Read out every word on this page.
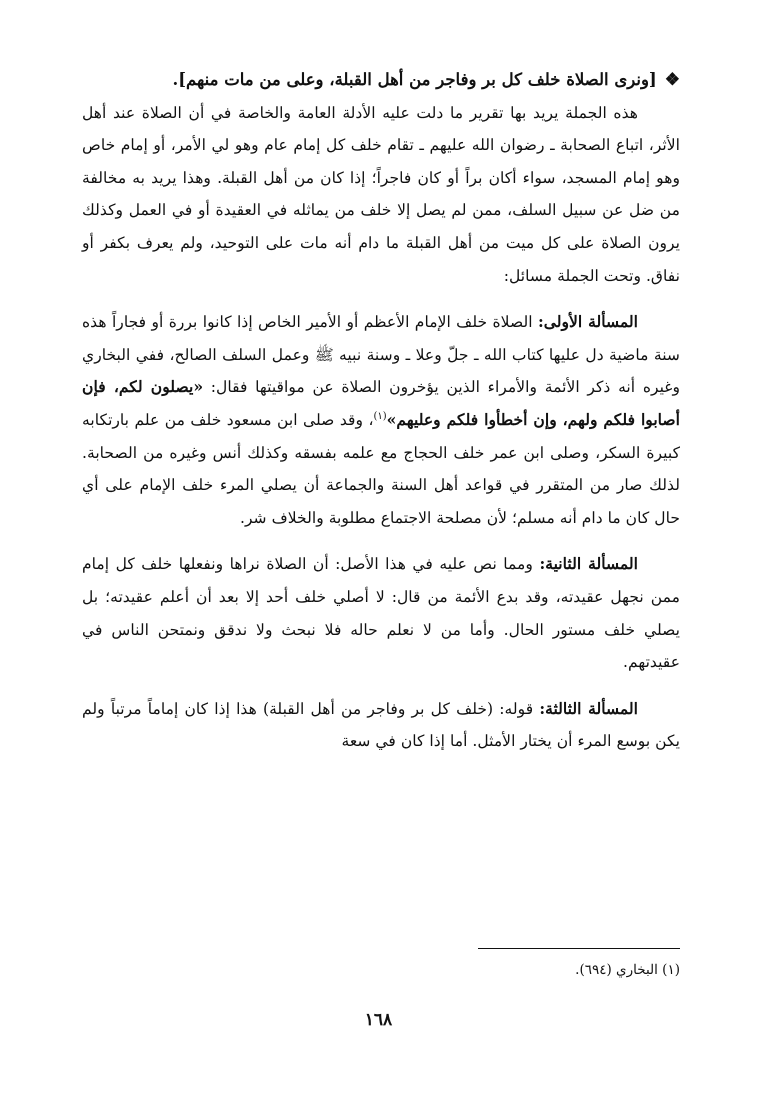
❖[ونرى الصلاة خلف كل بر وفاجر من أهل القبلة، وعلى من مات منهم].

هذه الجملة يريد بها تقرير ما دلت عليه الأدلة العامة والخاصة في أن الصلاة عند أهل الأثر، اتباع الصحابة ـ رضوان الله عليهم ـ تقام خلف كل إمام عام وهو لي الأمر، أو إمام خاص وهو إمام المسجد، سواء أكان براً أو كان فاجراً؛ إذا كان من أهل القبلة. وهذا يريد به مخالفة من ضل عن سبيل السلف، ممن لم يصل إلا خلف من يماثله في العقيدة أو في العمل وكذلك يرون الصلاة على كل ميت من أهل القبلة ما دام أنه مات على التوحيد، ولم يعرف بكفر أو نفاق. وتحت الجملة مسائل:

المسألة الأولى: الصلاة خلف الإمام الأعظم أو الأمير الخاص إذا كانوا بررة أو فجاراً هذه سنة ماضية دل عليها كتاب الله ـ جلّ وعلا ـ وسنة نبيه ﷺ وعمل السلف الصالح، ففي البخاري وغيره أنه ذكر الأئمة والأمراء الذين يؤخرون الصلاة عن مواقيتها فقال: «يصلون لكم، فإن أصابوا فلكم ولهم، وإن أخطأوا فلكم وعليهم»$^{(١)}$، وقد صلى ابن مسعود خلف من علم بارتكابه كبيرة السكر، وصلى ابن عمر خلف الحجاج مع علمه بفسقه وكذلك أنس وغيره من الصحابة. لذلك صار من المتقرر في قواعد أهل السنة والجماعة أن يصلي المرء خلف الإمام على أي حال كان ما دام أنه مسلم؛ لأن مصلحة الاجتماع مطلوبة والخلاف شر.

المسألة الثانية: ومما نص عليه في هذا الأصل: أن الصلاة نراها ونفعلها خلف كل إمام ممن نجهل عقيدته، وقد بدع الأئمة من قال: لا أصلي خلف أحد إلا بعد أن أعلم عقيدته؛ بل يصلي خلف مستور الحال. وأما من لا نعلم حاله فلا نبحث ولا ندقق ونمتحن الناس في عقيدتهم.

المسألة الثالثة: قوله: (خلف كل بر وفاجر من أهل القبلة) هذا إذا كان إماماً مرتباً ولم يكن بوسع المرء أن يختار الأمثل. أما إذا كان في سعة

(١) البخاري (٦٩٤).
١٦٨
